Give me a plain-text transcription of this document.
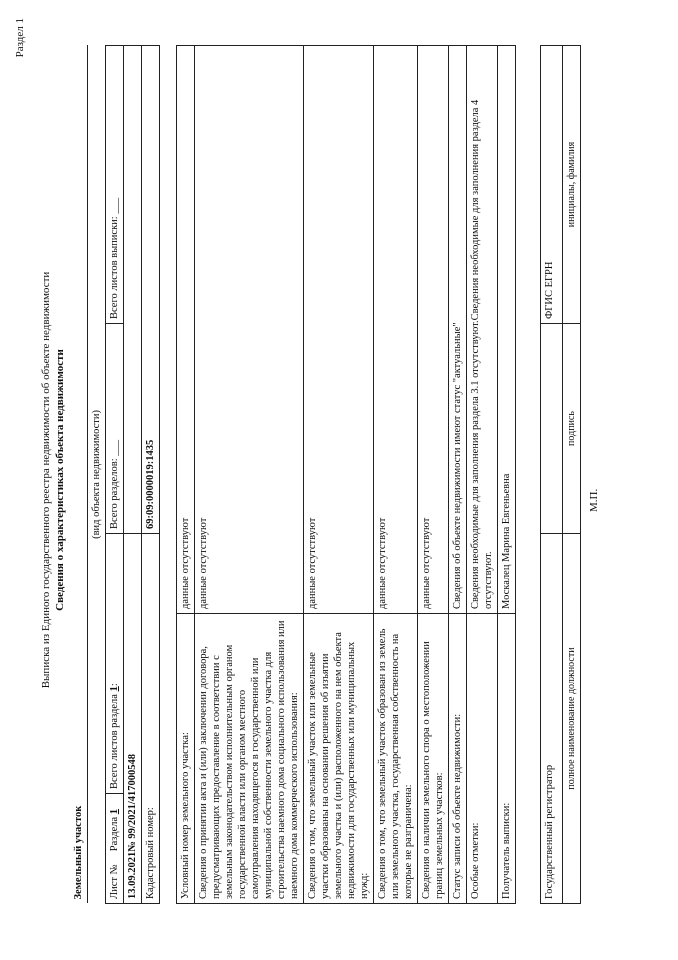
Раздел 1
Выписка из Единого государственного реестра недвижимости об объекте недвижимости Сведения о характеристиках объекта недвижимости
Земельный участок			
(вид объекта недвижимости)			
Лист №     Раздела 1	Всего листов раздела 1:	Всего разделов: ___	Всего листов выписки: ___
13.09.2021№ 99/2021/417000548			
Кадастровый номер:		69:09:0000019:1435	
Условный номер земельного участка:	данные отсутствуют
Сведения о принятии акта и (или) заключении договора, предусматривающих предоставление в соответствии с земельным законодательством исполнительным органом государственной власти или органом местного самоуправления находящегося в государственной или муниципальной собственности земельного участка для строительства наемного дома социального использования или наемного дома коммерческого использования:	данные отсутствуют
Сведения о том, что земельный участок или земельные участки образованы на основании решения об изъятии земельного участка и (или) расположенного на нем объекта недвижимости для государственных или муниципальных нужд:	данные отсутствуют
Сведения о том, что земельный участок образован из земель или земельного участка, государственная собственность на которые не разграничена:	данные отсутствуют
Сведения о наличии земельного спора о местоположении границ земельных участков:	данные отсутствуют
Статус записи об объекте недвижимости:	Сведения об объекте недвижимости имеют статус "актуальные"
Особые отметки:	Сведения необходимые для заполнения раздела 3.1 отсутствуют.Сведения необходимые для заполнения раздела 4 отсутствуют.
Получатель выписки:	Москалец Марина Евгеньевна
Государственный регистратор		ФГИС ЕГРН
полное наименование должности	подпись	инициалы, фамилия
М.П.
